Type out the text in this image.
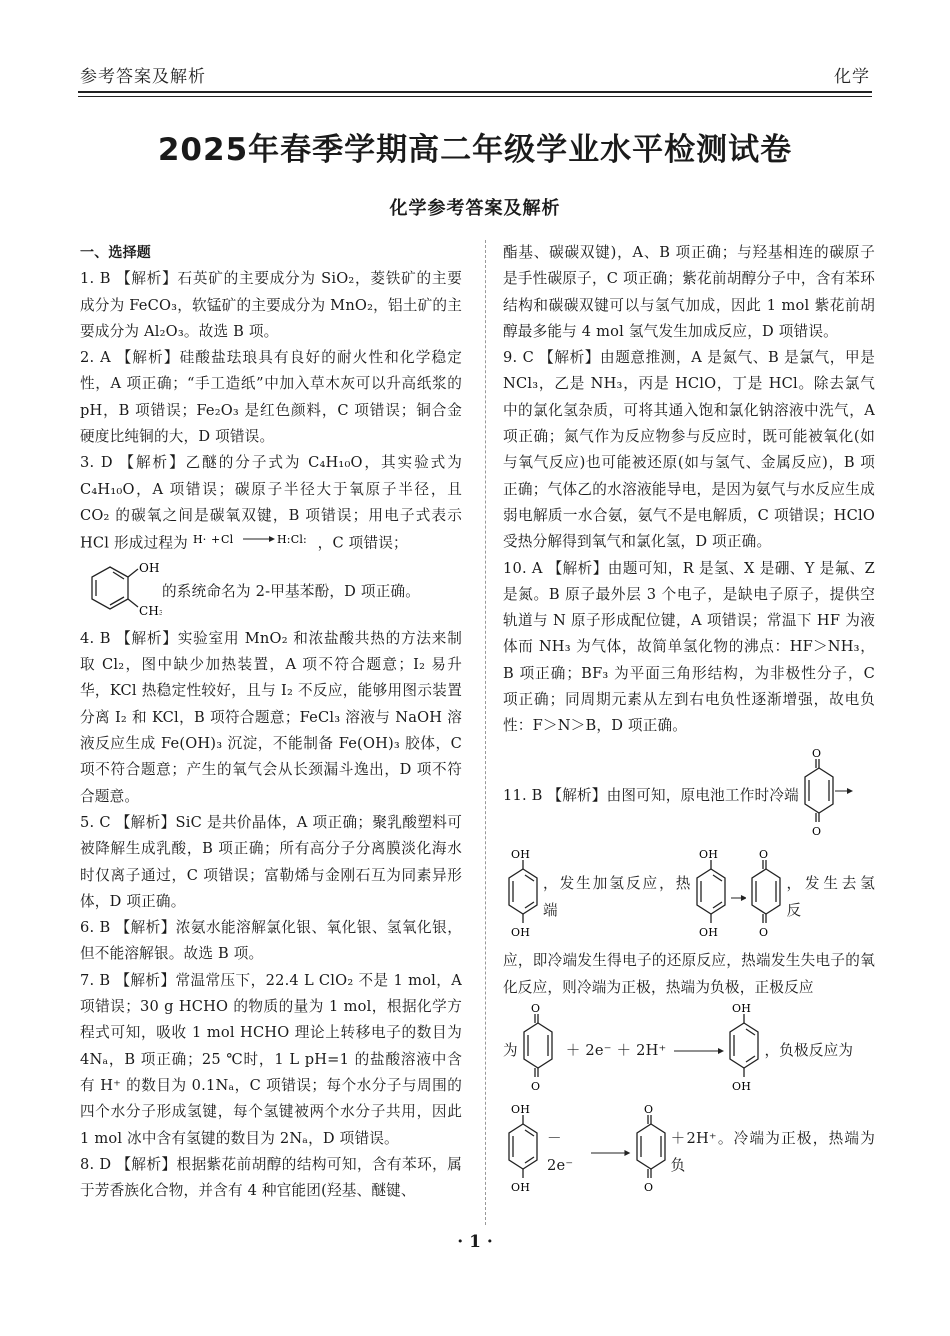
参考答案及解析	化学
2025年春季学期高二年级学业水平检测试卷
化学参考答案及解析
一、选择题

1. B 【解析】石英矿的主要成分为 SiO₂，菱铁矿的主要成分为 FeCO₃，软锰矿的主要成分为 MnO₂，铝土矿的主要成分为 Al₂O₃。故选 B 项。

2. A 【解析】硅酸盐珐琅具有良好的耐火性和化学稳定性，A 项正确；“手工造纸”中加入草木灰可以升高纸浆的 pH，B 项错误；Fe₂O₃ 是红色颜料，C 项错误；铜合金硬度比纯铜的大，D 项错误。

3. D 【解析】乙醚的分子式为 C₄H₁₀O，其实验式为 C₄H₁₀O，A 项错误；碳原子半径大于氧原子半径，且 CO₂ 的碳氧之间是碳氧双键，B 项错误；用电子式表示 HCl 形成过程为 H· + Cl	H:Cl: ，C 项错误；

OH
CH₃
的系统命名为 2-甲基苯酚，D 项正确。

4. B 【解析】实验室用 MnO₂ 和浓盐酸共热的方法来制取 Cl₂，图中缺少加热装置，A 项不符合题意；I₂ 易升华，KCl 热稳定性较好，且与 I₂ 不反应，能够用图示装置分离 I₂ 和 KCl，B 项符合题意；FeCl₃ 溶液与 NaOH 溶液反应生成 Fe(OH)₃ 沉淀，不能制备 Fe(OH)₃ 胶体，C 项不符合题意；产生的氧气会从长颈漏斗逸出，D 项不符合题意。

5. C 【解析】SiC 是共价晶体，A 项正确；聚乳酸塑料可被降解生成乳酸，B 项正确；所有高分子分离膜淡化海水时仅离子通过，C 项错误；富勒烯与金刚石互为同素异形体，D 项正确。

6. B 【解析】浓氨水能溶解氯化银、氧化银、氢氧化银，但不能溶解银。故选 B 项。

7. B 【解析】常温常压下，22.4 L ClO₂ 不是 1 mol，A 项错误；30 g HCHO 的物质的量为 1 mol，根据化学方程式可知，吸收 1 mol HCHO 理论上转移电子的数目为 4Nₐ，B 项正确；25 ℃时，1 L pH=1 的盐酸溶液中含有 H⁺ 的数目为 0.1Nₐ，C 项错误；每个水分子与周围的四个水分子形成氢键，每个氢键被两个水分子共用，因此 1 mol 冰中含有氢键的数目为 2Nₐ，D 项错误。

8. D 【解析】根据紫花前胡醇的结构可知，含有苯环，属于芳香族化合物，并含有 4 种官能团(羟基、醚键、

酯基、碳碳双键)，A、B 项正确；与羟基相连的碳原子是手性碳原子，C 项正确；紫花前胡醇分子中，含有苯环结构和碳碳双键可以与氢气加成，因此 1 mol 紫花前胡醇最多能与 4 mol 氢气发生加成反应，D 项错误。

9. C 【解析】由题意推测，A 是氮气、B 是氯气，甲是 NCl₃，乙是 NH₃，丙是 HClO，丁是 HCl。除去氯气中的氯化氢杂质，可将其通入饱和氯化钠溶液中洗气，A 项正确；氮气作为反应物参与反应时，既可能被氧化(如与氧气反应)也可能被还原(如与氢气、金属反应)，B 项正确；气体乙的水溶液能导电，是因为氨气与水反应生成弱电解质一水合氨，氨气不是电解质，C 项错误；HClO 受热分解得到氧气和氯化氢，D 项正确。

10. A 【解析】由题可知，R 是氢、X 是硼、Y 是氟、Z 是氮。B 原子最外层 3 个电子，是缺电子原子，提供空轨道与 N 原子形成配位键，A 项错误；常温下 HF 为液体而 NH₃ 为气体，故简单氢化物的沸点：HF＞NH₃，B 项正确；BF₃ 为平面三角形结构，为非极性分子，C 项正确；同周期元素从左到右电负性逐渐增强，故电负性：F＞N＞B，D 项正确。

11. B 【解析】由图可知，原电池工作时冷端
O
O
OH
OH
，发生加氢反应，热端
OH
OH
O
O
，发生去氢反

应，即冷端发生得电子的还原反应，热端发生失电子的氧化反应，则冷端为正极，热端为负极，正极反应

为
O
O
＋ 2e⁻ ＋ 2H⁺
OH
OH
，负极反应为
OH
OH
－2e⁻
O
O
＋2H⁺。冷端为正极，热端为负
· 1 ·
